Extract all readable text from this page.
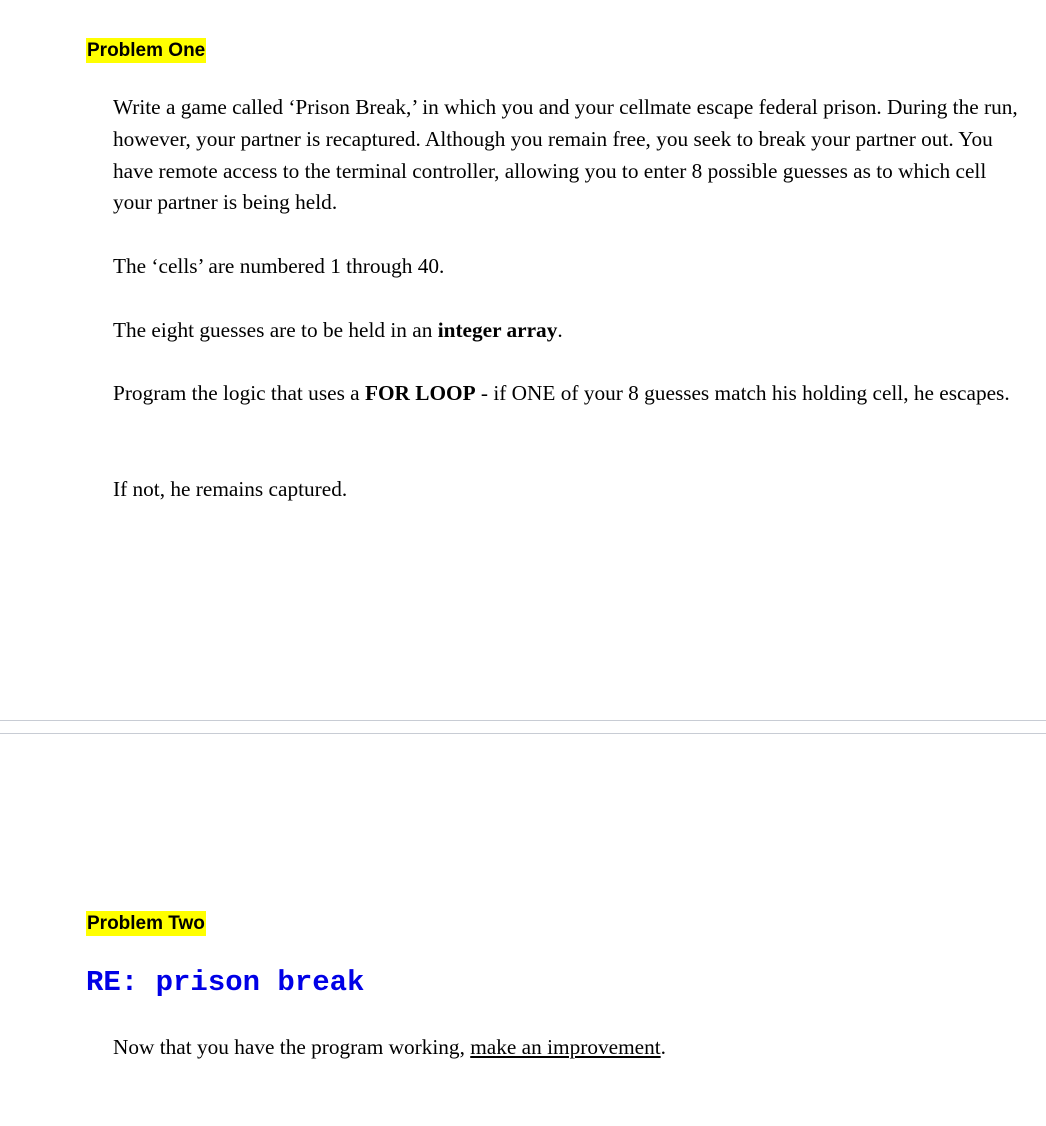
Problem One

Write a game called ‘Prison Break,’ in which you and your cellmate escape federal prison. During the run, however, your partner is recaptured. Although you remain free, you seek to break your partner out. You have remote access to the terminal controller, allowing you to enter 8 possible guesses as to which cell your partner is being held.

The ‘cells’ are numbered 1 through 40.

The eight guesses are to be held in an integer array.

Program the logic that uses a FOR LOOP - if ONE of your 8 guesses match his holding cell, he escapes.

If not, he remains captured.

Problem Two

RE: prison break

Now that you have the program working, make an improvement.
